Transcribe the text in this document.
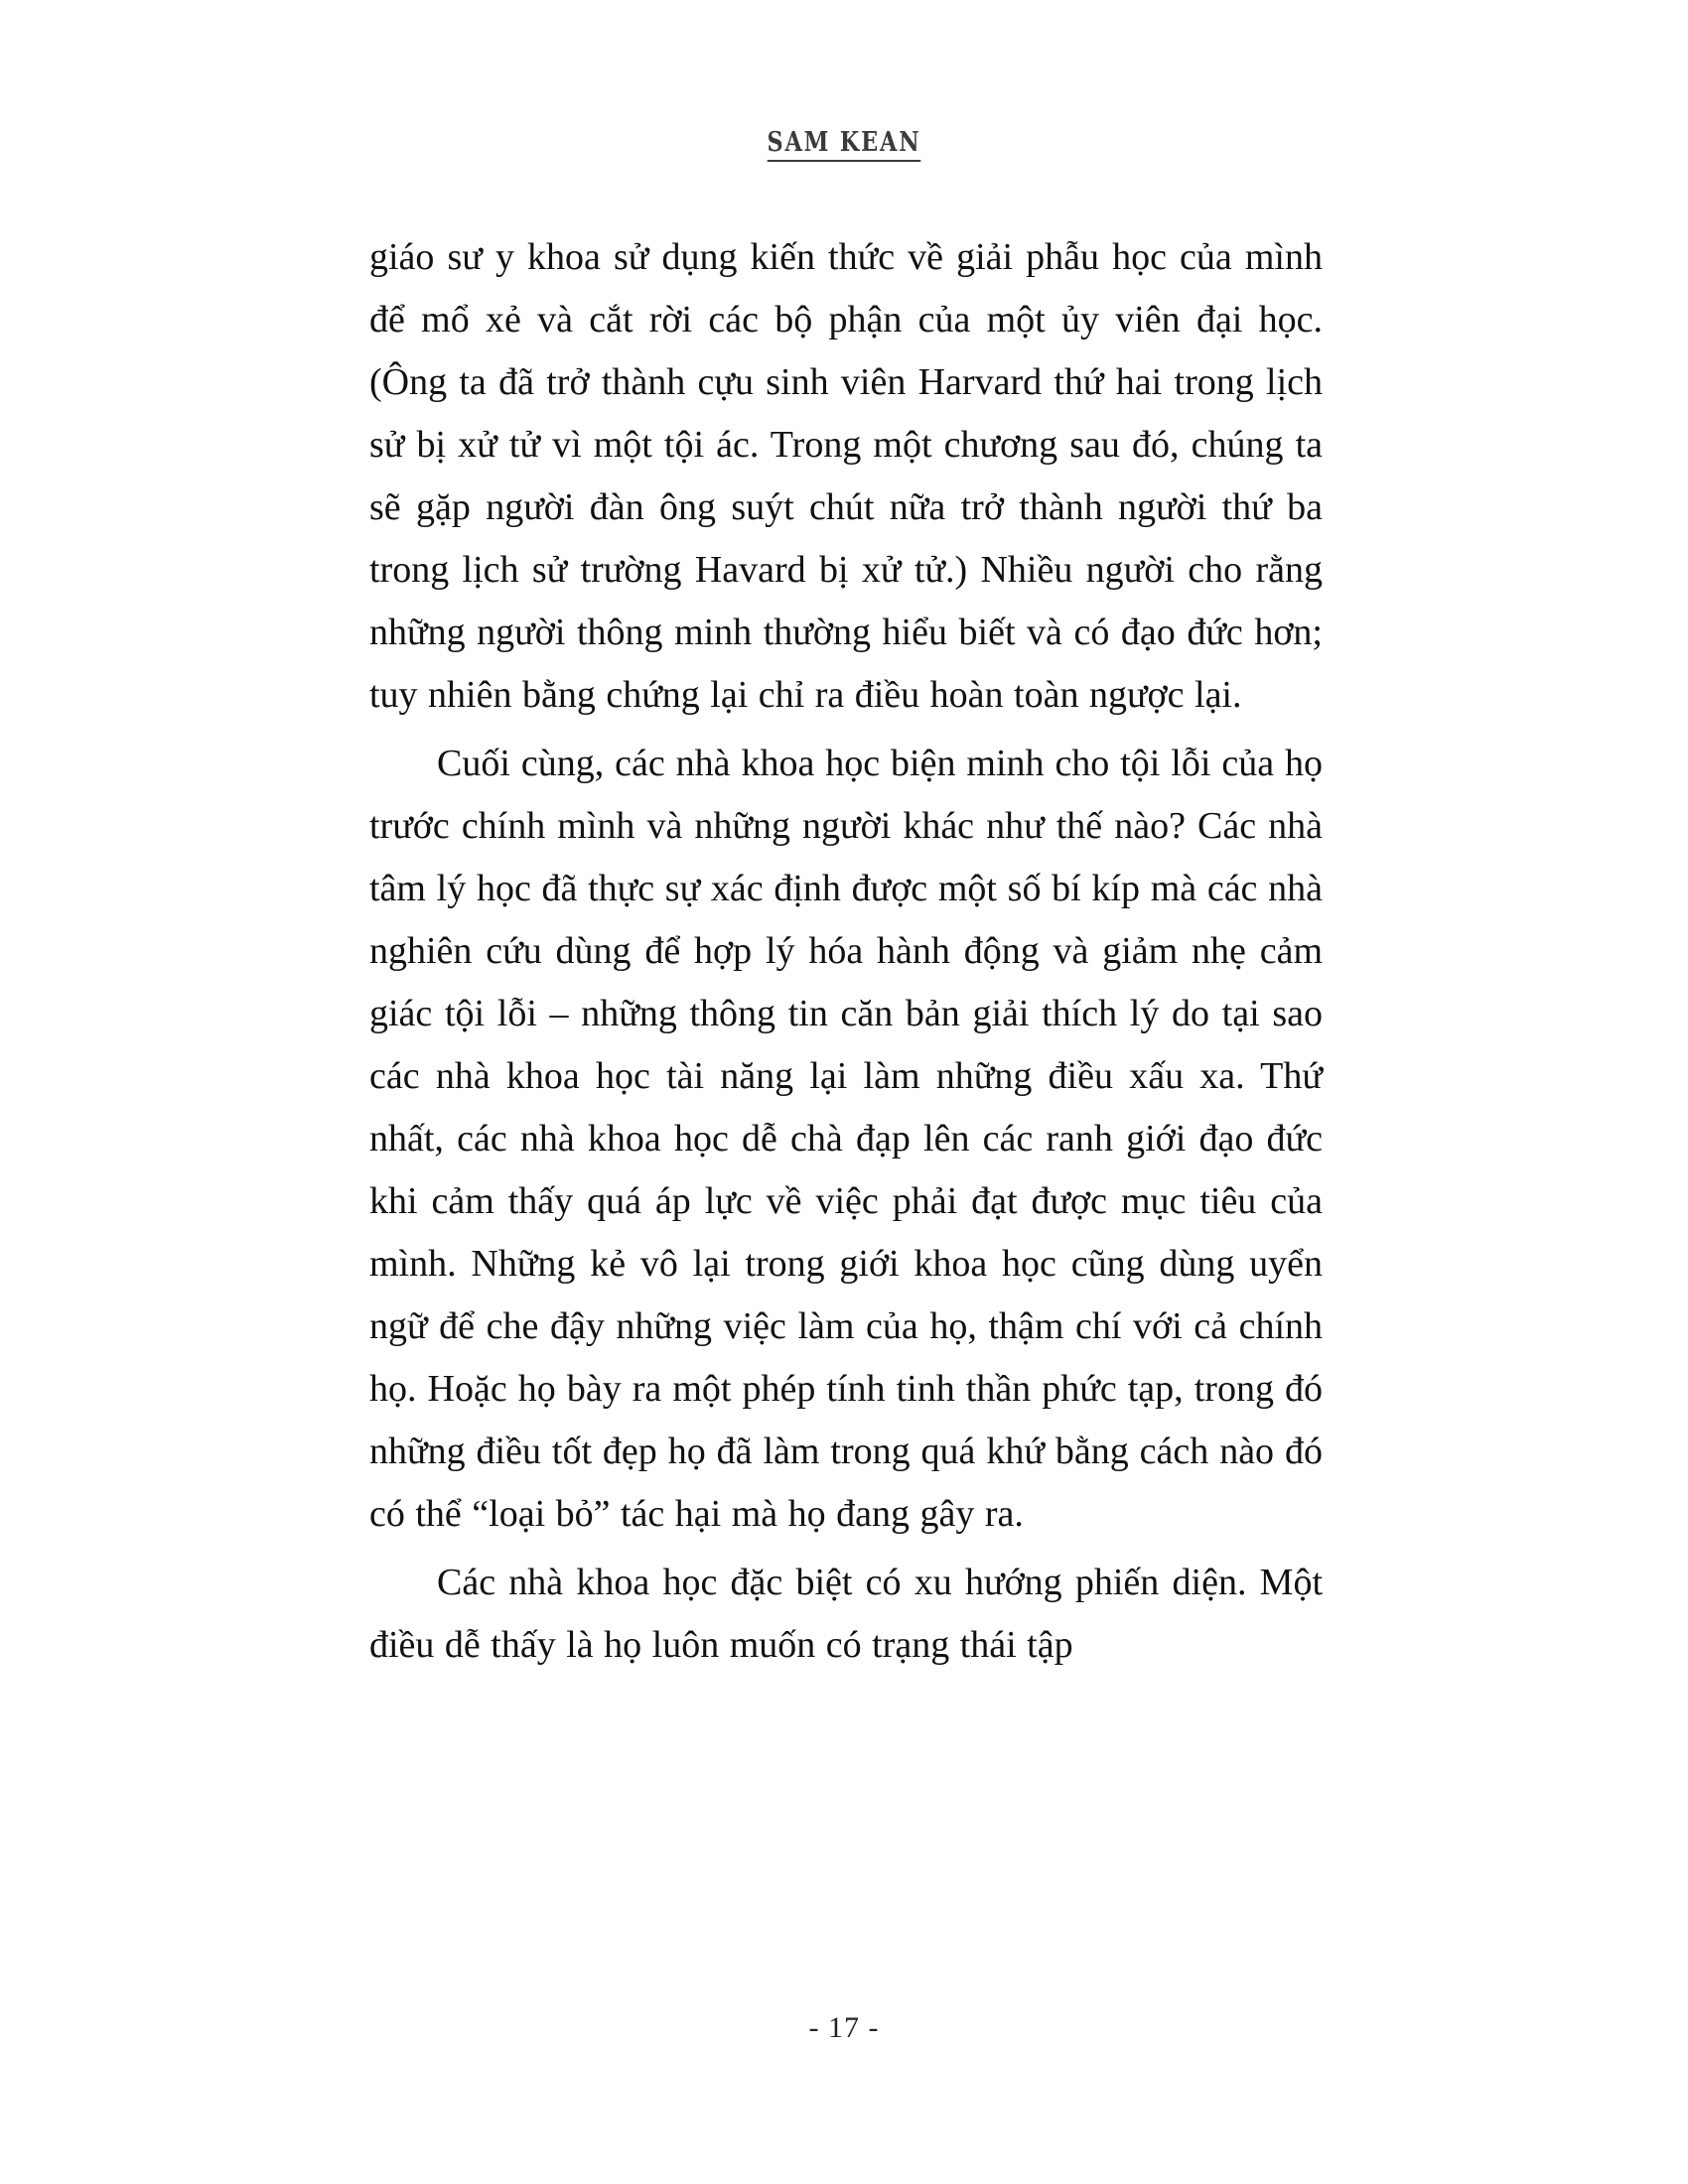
SAM KEAN

giáo sư y khoa sử dụng kiến thức về giải phẫu học của mình để mổ xẻ và cắt rời các bộ phận của một ủy viên đại học. (Ông ta đã trở thành cựu sinh viên Harvard thứ hai trong lịch sử bị xử tử vì một tội ác. Trong một chương sau đó, chúng ta sẽ gặp người đàn ông suýt chút nữa trở thành người thứ ba trong lịch sử trường Havard bị xử tử.) Nhiều người cho rằng những người thông minh thường hiểu biết và có đạo đức hơn; tuy nhiên bằng chứng lại chỉ ra điều hoàn toàn ngược lại.

Cuối cùng, các nhà khoa học biện minh cho tội lỗi của họ trước chính mình và những người khác như thế nào? Các nhà tâm lý học đã thực sự xác định được một số bí kíp mà các nhà nghiên cứu dùng để hợp lý hóa hành động và giảm nhẹ cảm giác tội lỗi – những thông tin căn bản giải thích lý do tại sao các nhà khoa học tài năng lại làm những điều xấu xa. Thứ nhất, các nhà khoa học dễ chà đạp lên các ranh giới đạo đức khi cảm thấy quá áp lực về việc phải đạt được mục tiêu của mình. Những kẻ vô lại trong giới khoa học cũng dùng uyển ngữ để che đậy những việc làm của họ, thậm chí với cả chính họ. Hoặc họ bày ra một phép tính tinh thần phức tạp, trong đó những điều tốt đẹp họ đã làm trong quá khứ bằng cách nào đó có thể “loại bỏ” tác hại mà họ đang gây ra.

Các nhà khoa học đặc biệt có xu hướng phiến diện. Một điều dễ thấy là họ luôn muốn có trạng thái tập

- 17 -
